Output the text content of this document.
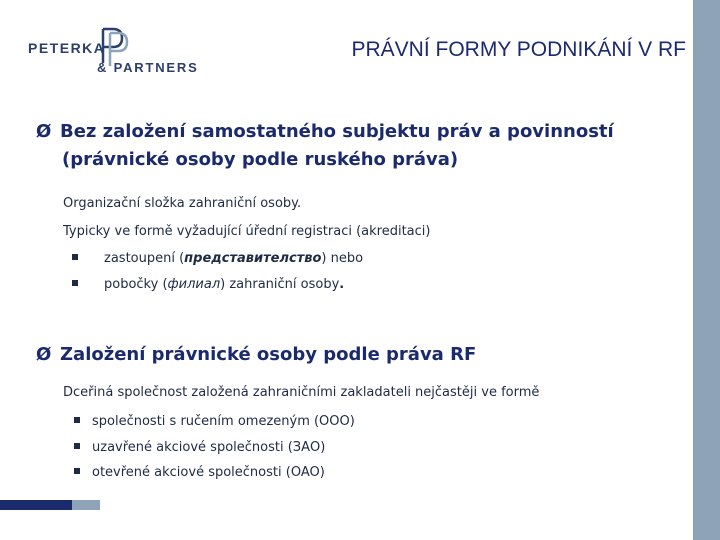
PETERKA
& PARTNERS
PRÁVNÍ FORMY PODNIKÁNÍ V RF
Ø Bez založení samostatného subjektu práv a povinností
(právnické osoby podle ruského práva)
Organizační složka zahraniční osoby.
Typicky ve formě vyžadující úřední registraci (akreditaci)
zastoupení (представителство) nebo
pobočky (филиал) zahraniční osoby.
Ø Založení právnické osoby podle práva RF
Dceřiná společnost založená zahraničními zakladateli nejčastěji ve formě
společnosti s ručením omezeným (OOO)
uzavřené akciové společnosti (ЗАО)
otevřené akciové společnosti (OAO)
